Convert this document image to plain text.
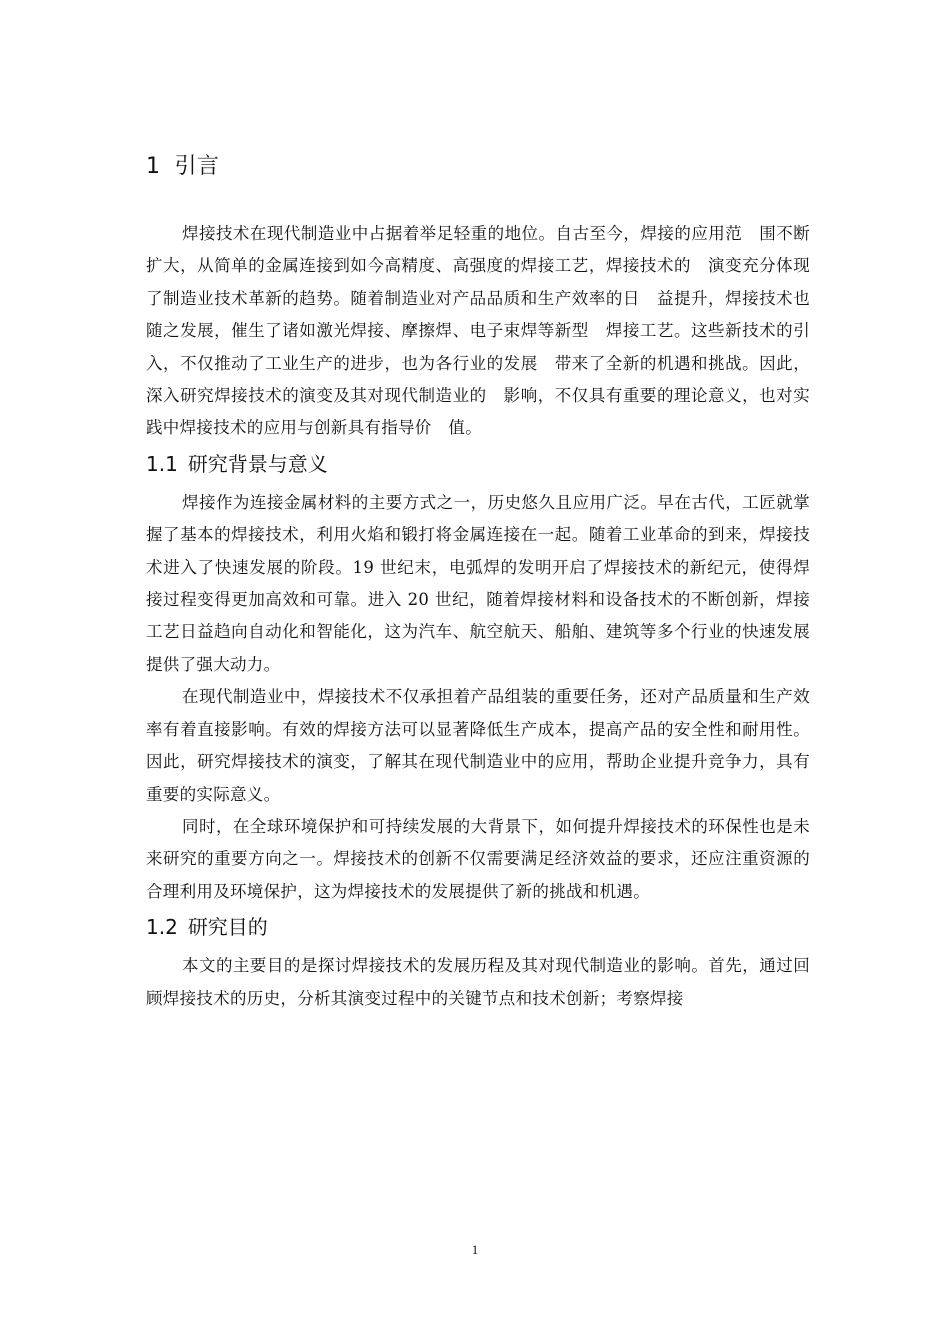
1 引言

焊接技术在现代制造业中占据着举足轻重的地位。自古至今，焊接的应用范　围不断扩大，从简单的金属连接到如今高精度、高强度的焊接工艺，焊接技术的　演变充分体现了制造业技术革新的趋势。随着制造业对产品品质和生产效率的日　益提升，焊接技术也随之发展，催生了诸如激光焊接、摩擦焊、电子束焊等新型　焊接工艺。这些新技术的引入，不仅推动了工业生产的进步，也为各行业的发展　带来了全新的机遇和挑战。因此，深入研究焊接技术的演变及其对现代制造业的　影响，不仅具有重要的理论意义，也对实践中焊接技术的应用与创新具有指导价　值。

1.1 研究背景与意义

焊接作为连接金属材料的主要方式之一，历史悠久且应用广泛。早在古代，工匠就掌握了基本的焊接技术，利用火焰和锻打将金属连接在一起。随着工业革命的到来，焊接技术进入了快速发展的阶段。19 世纪末，电弧焊的发明开启了焊接技术的新纪元，使得焊接过程变得更加高效和可靠。进入 20 世纪，随着焊接材料和设备技术的不断创新，焊接工艺日益趋向自动化和智能化，这为汽车、航空航天、船舶、建筑等多个行业的快速发展提供了强大动力。

在现代制造业中，焊接技术不仅承担着产品组装的重要任务，还对产品质量和生产效率有着直接影响。有效的焊接方法可以显著降低生产成本，提高产品的安全性和耐用性。因此，研究焊接技术的演变，了解其在现代制造业中的应用，帮助企业提升竞争力，具有重要的实际意义。

同时，在全球环境保护和可持续发展的大背景下，如何提升焊接技术的环保性也是未来研究的重要方向之一。焊接技术的创新不仅需要满足经济效益的要求，还应注重资源的合理利用及环境保护，这为焊接技术的发展提供了新的挑战和机遇。

1.2 研究目的

本文的主要目的是探讨焊接技术的发展历程及其对现代制造业的影响。首先，通过回顾焊接技术的历史，分析其演变过程中的关键节点和技术创新；考察焊接

1
